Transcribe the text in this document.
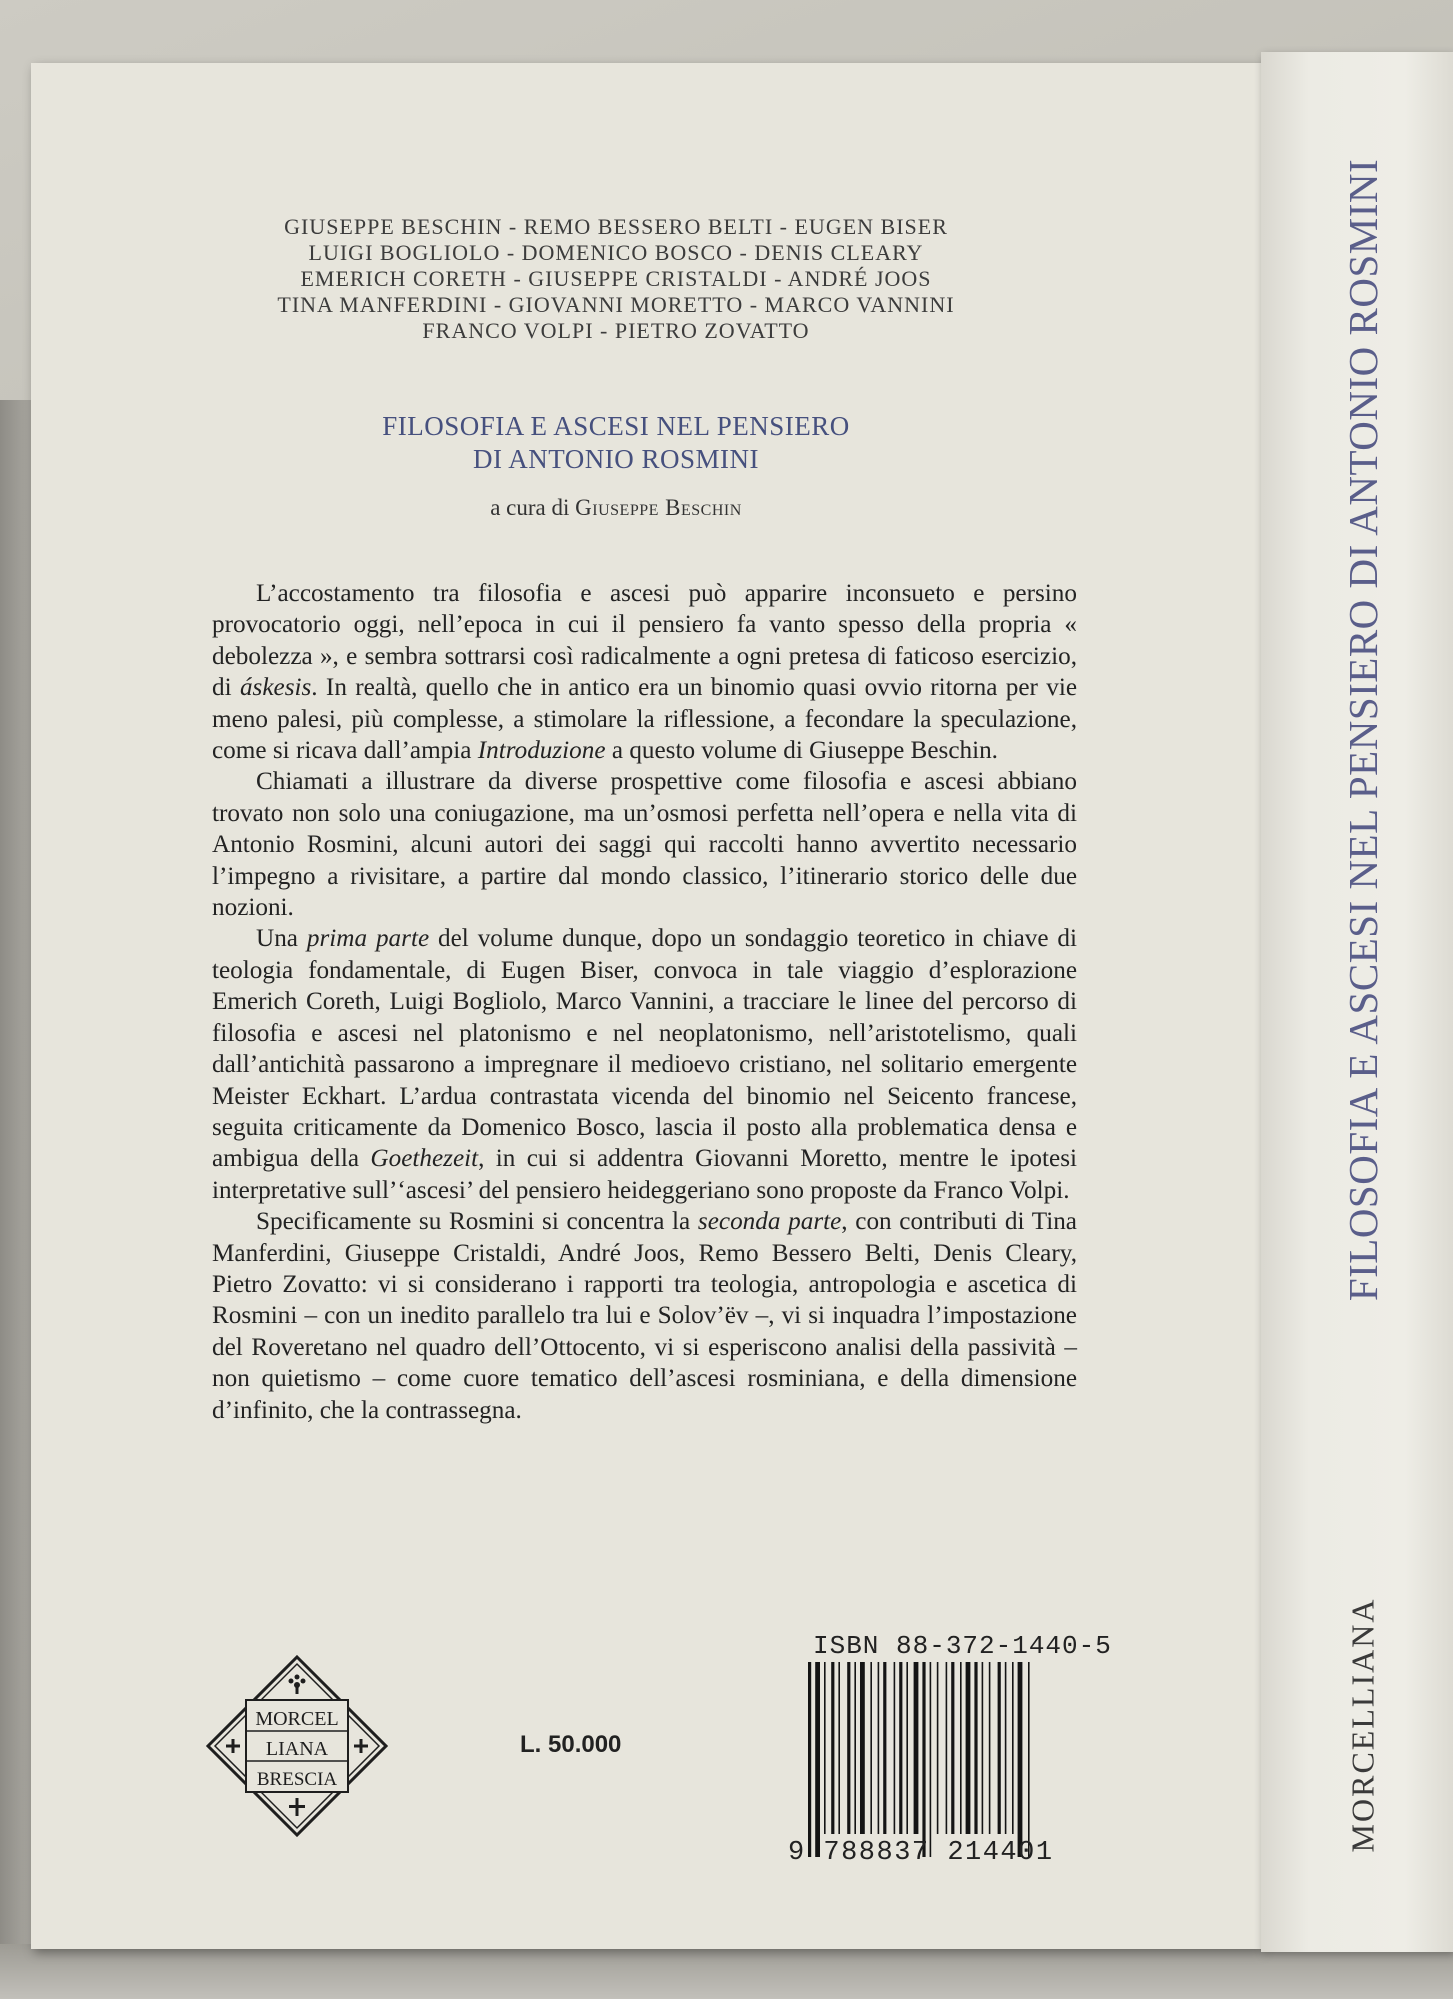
FILOSOFIA E ASCESI NEL PENSIERO DI ANTONIO ROSMINI
MORCELLIANA
GIUSEPPE BESCHIN - REMO BESSERO BELTI - EUGEN BISER
LUIGI BOGLIOLO - DOMENICO BOSCO - DENIS CLEARY
EMERICH CORETH - GIUSEPPE CRISTALDI - ANDRÉ JOOS
TINA MANFERDINI - GIOVANNI MORETTO - MARCO VANNINI
FRANCO VOLPI - PIETRO ZOVATTO
FILOSOFIA E ASCESI NEL PENSIERO
DI ANTONIO ROSMINI
a cura di Giuseppe Beschin

L’accostamento tra filosofia e ascesi può apparire inconsueto e persino provocatorio oggi, nell’epoca in cui il pensiero fa vanto spesso della propria « debolezza », e sembra sottrarsi così radicalmente a ogni pretesa di faticoso esercizio, di áskesis. In realtà, quello che in antico era un binomio quasi ovvio ritorna per vie meno palesi, più complesse, a stimolare la riflessione, a fecondare la speculazione, come si ricava dall’ampia Introduzione a questo volume di Giuseppe Beschin.

Chiamati a illustrare da diverse prospettive come filosofia e ascesi abbiano trovato non solo una coniugazione, ma un’osmosi perfetta nell’opera e nella vita di Antonio Rosmini, alcuni autori dei saggi qui raccolti hanno avvertito necessario l’impegno a rivisitare, a partire dal mondo classico, l’itinerario storico delle due nozioni.

Una prima parte del volume dunque, dopo un sondaggio teoretico in chiave di teologia fondamentale, di Eugen Biser, convoca in tale viaggio d’esplorazione Emerich Coreth, Luigi Bogliolo, Marco Vannini, a tracciare le linee del percorso di filosofia e ascesi nel platonismo e nel neoplatonismo, nell’aristotelismo, quali dall’antichità passarono a impregnare il medioevo cristiano, nel solitario emergente Meister Eckhart. L’ardua contrastata vicenda del binomio nel Seicento francese, seguita criticamente da Domenico Bosco, lascia il posto alla problematica densa e ambigua della Goethezeit, in cui si addentra Giovanni Moretto, mentre le ipotesi interpretative sull’‘ascesi’ del pensiero heideggeriano sono proposte da Franco Volpi.

Specificamente su Rosmini si concentra la seconda parte, con contributi di Tina Manferdini, Giuseppe Cristaldi, André Joos, Remo Bessero Belti, Denis Cleary, Pietro Zovatto: vi si considerano i rapporti tra teologia, antropologia e ascetica di Rosmini – con un inedito parallelo tra lui e Solov’ëv –, vi si inquadra l’impostazione del Roveretano nel quadro dell’Ottocento, vi si esperiscono analisi della passività – non quietismo – come cuore tematico dell’ascesi rosminiana, e della dimensione d’infinito, che la contrassegna.

MORCEL
LIANA
BRESCIA
L. 50.000
ISBN 88-372-1440-5
9 788837 214401
